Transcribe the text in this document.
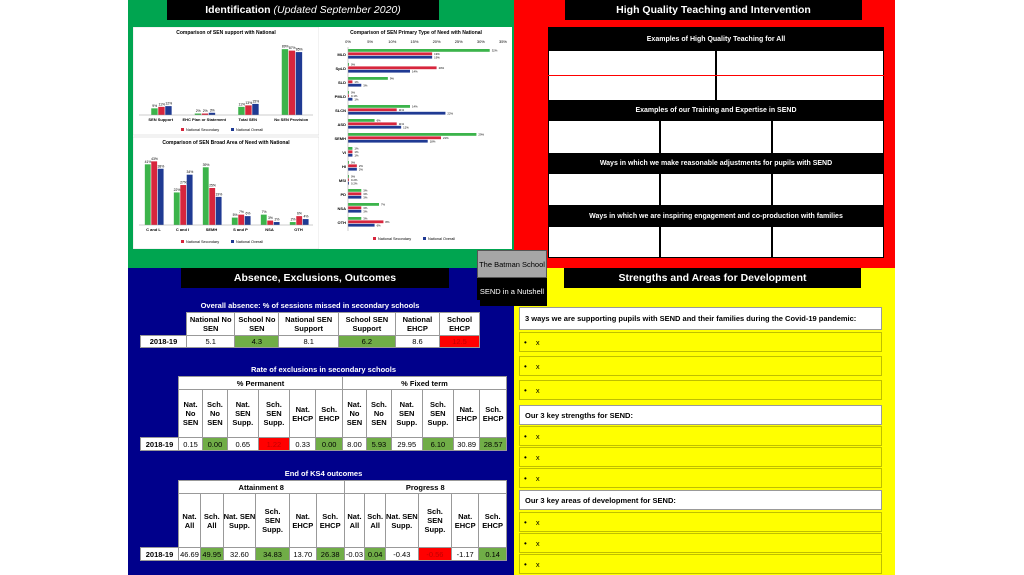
Identification
(Updated September 2020)	High Quality Teaching and Intervention
Absence, Exclusions, Outcomes	Strengths and Areas for Development
Comparison of SEN support with National
9% 11% 12%
SEN Support
2% 2% 3%
EHC Plan or Statement
11% 13% 15%
Total SEN
89% 87% 85%
No SEN Provision
National Secondary	National Overall
Comparison of SEN Broad Area of Need with National
41%
43%
38%
C and L
22%
27%
34%
C and I
39%
25%
19%
SEMH
5%
7% 6%
S and P
7%
3% 2%
NSA
2%
6%
4%
OTH
National Secondary	National Overall
Comparison of SEN Primary Type of Need with National
0%	5%	10%	15%	20%	25%	30%	35%
MLD
32%
19%
19%
SpLD
0%
20%
14%
SLD
9%
1%
3%
PMLD
0%
0.1%
1%
SLCN
14%
11%
22%
ASD
6%
11%
12%
SEMH
29%
21%
18%
VI
1%
1%
1%
HI
0%
2%
2%
MSI
0%
0.2%
0.2%
PD
3%
3%
3%
NSA
7%
3%
3%
OTH
3%
8%
6%
National Secondary	National Overall
Examples of High Quality Teaching for All
Examples of our Training and Expertise in SEND
Ways in which we make reasonable adjustments for pupils with SEND
Ways in which we are inspiring engagement and co-production with families
The Batman School
SEND in a Nutshell
Overall absence: % of sessions missed in secondary schools
	National No SEN	School No SEN	National SEN Support	School SEN Support	National EHCP	School EHCP
2018-19	5.1	4.3	8.1	6.2	8.6	12.5
Rate of exclusions in secondary schools
	% Permanent						% Fixed term					
	Nat. No SEN	Sch. No SEN	Nat. SEN Supp.	Sch. SEN Supp.	Nat. EHCP	Sch. EHCP	Nat. No SEN	Sch. No SEN	Nat. SEN Supp.	Sch. SEN Supp.	Nat. EHCP	Sch. EHCP
2018-19	0.15	0.00	0.65	1.22	0.33	0.00	8.00	5.93	29.95	6.10	30.89	28.57
End of KS4 outcomes
	Attainment 8						Progress 8					
	Nat. All	Sch. All	Nat. SEN Supp.	Sch. SEN Supp.	Nat. EHCP	Sch. EHCP	Nat. All	Sch. All	Nat. SEN Supp.	Sch. SEN Supp.	Nat. EHCP	Sch. EHCP
2018-19	46.69	49.95	32.60	34.83	13.70	26.38	-0.03	0.04	-0.43	-0.56	-1.17	0.14
3 ways we are supporting pupils with SEND and their families during the Covid-19 pandemic:
• x
• x
• x
Our 3 key strengths for SEND:
• x
• x
• x
Our 3 key areas of development for SEND:
• x
• x
• x
